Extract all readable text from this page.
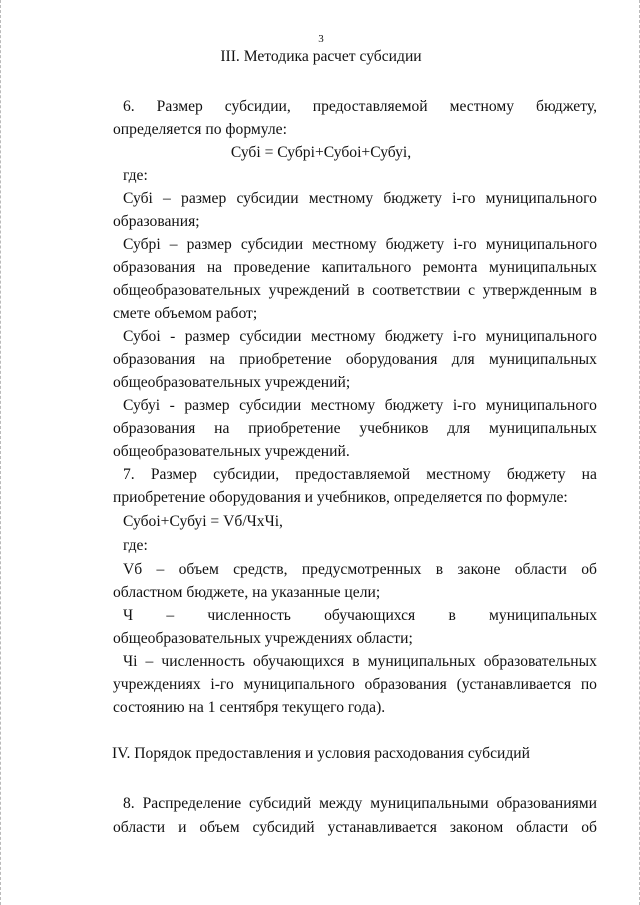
3
III. Методика расчет субсидии
6. Размер субсидии, предоставляемой местному бюджету,
определяется по формуле:
Субі = Субрі+Субоі+Субуі,
где:
Субі – размер субсидии местному бюджету і-го муниципального
образования;
Субрі – размер субсидии местному бюджету і-го муниципального
образования на проведение капитального ремонта муниципальных
общеобразовательных учреждений в соответствии с утвержденным в
смете объемом работ;
Субоі - размер субсидии местному бюджету і-го муниципального
образования на приобретение оборудования для муниципальных
общеобразовательных учреждений;
Субуі - размер субсидии местному бюджету і-го муниципального
образования на приобретение учебников для муниципальных
общеобразовательных учреждений.
7. Размер субсидии, предоставляемой местному бюджету на
приобретение оборудования и учебников, определяется по формуле:
Субоі+Субуі = Vб/ЧхЧі,
где:
Vб – объем средств, предусмотренных в законе области об
областном бюджете, на указанные цели;
Ч – численность обучающихся в муниципальных
общеобразовательных учреждениях области;
Чі – численность обучающихся в муниципальных образовательных
учреждениях і-го муниципального образования (устанавливается по
состоянию на 1 сентября текущего года).
IV. Порядок предоставления и условия расходования субсидий
8. Распределение субсидий между муниципальными образованиями
области и объем субсидий устанавливается законом области об
